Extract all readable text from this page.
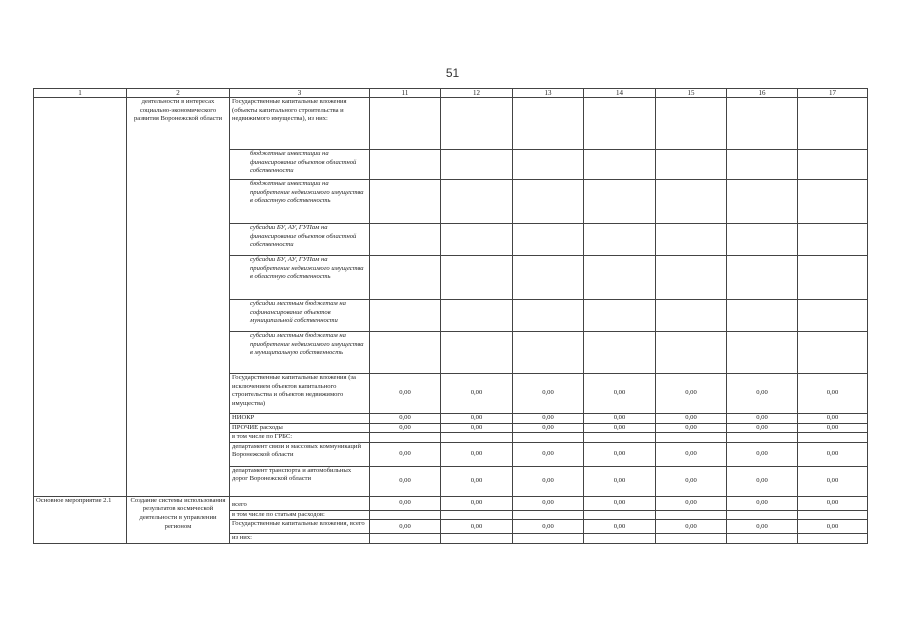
51
1	2	3	11	12	13	14	15	16	17
	деятельности в интересах социально-экономического развития Воронежской области	Государственные капитальные вложения (объекты капитального строительства и недвижимого имущества), из них:							
		бюджетные инвестиции на финансирование объектов областной собственности							
		бюджетные инвестиции на приобретение недвижимого имущества в областную собственность							
		субсидии БУ, АУ, ГУПам на финансирование объектов областной собственности							
		субсидии БУ, АУ, ГУПам на приобретение недвижимого имущества в областную собственность							
		субсидии местным бюджетам на софинансирование объектов муниципальной собственности							
		субсидии местным бюджетам на приобретение недвижимого имущества в муниципальную собственность							
		Государственные капитальные вложения (за исключением объектов капитального строительства и объектов недвижимого имущества)	0,00	0,00	0,00	0,00	0,00	0,00	0,00
		НИОКР	0,00	0,00	0,00	0,00	0,00	0,00	0,00
		ПРОЧИЕ расходы	0,00	0,00	0,00	0,00	0,00	0,00	0,00
		в том числе по ГРБС:							
		департамент связи и массовых коммуникаций Воронежской области	0,00	0,00	0,00	0,00	0,00	0,00	0,00
		департамент транспорта и автомобильных дорог Воронежской области	0,00	0,00	0,00	0,00	0,00	0,00	0,00
Основное мероприятие 2.1	Создание системы использования результатов космической деятельности в управлении регионом	всего	0,00	0,00	0,00	0,00	0,00	0,00	0,00
		в том числе по статьям расходов:							
		Государственные капитальные вложения, всего	0,00	0,00	0,00	0,00	0,00	0,00	0,00
		из них:							
